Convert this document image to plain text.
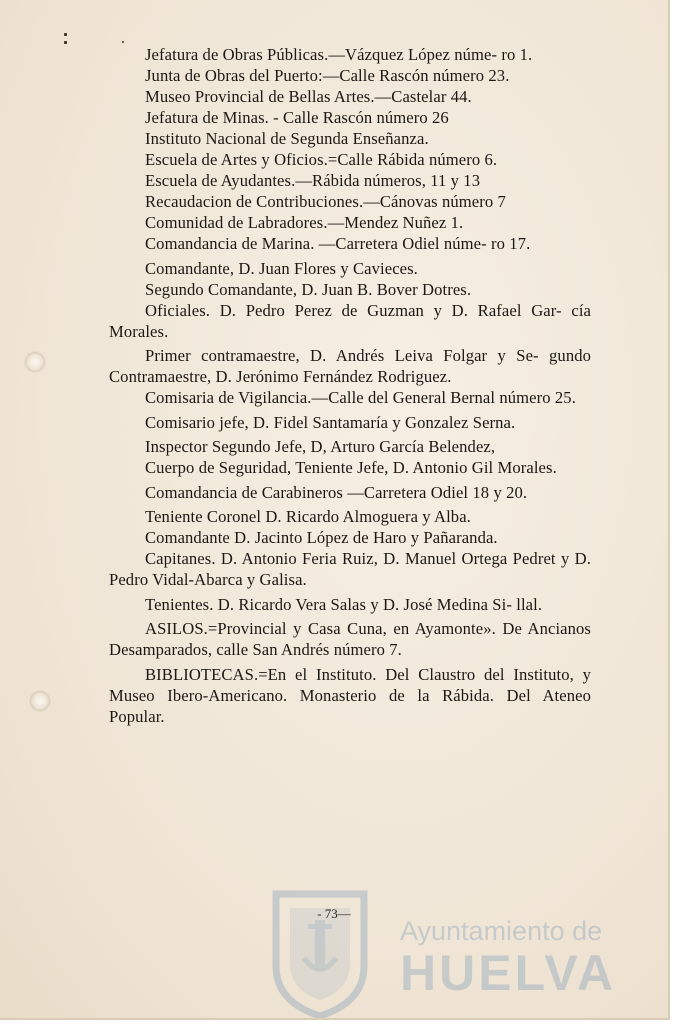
Ayuntamiento de
HUELVA

Jefatura de Obras Públicas.—Vázquez López núme- ro 1.

Junta de Obras del Puerto:—Calle Rascón número 23.

Museo Provincial de Bellas Artes.—Castelar 44.

Jefatura de Minas. - Calle Rascón número 26

Instituto Nacional de Segunda Enseñanza.

Escuela de Artes y Oficios.=Calle Rábida número 6.

Escuela de Ayudantes.—Rábida números, 11 y 13

Recaudacion de Contribuciones.—Cánovas número 7

Comunidad de Labradores.—Mendez Nuñez 1.

Comandancia de Marina. —Carretera Odiel núme- ro 17.

Comandante, D. Juan Flores y Cavieces.

Segundo Comandante, D. Juan B. Bover Dotres.

Oficiales. D. Pedro Perez de Guzman y D. Rafael Gar- cía Morales.

Primer contramaestre, D. Andrés Leiva Folgar y Se- gundo Contramaestre, D. Jerónimo Fernández Rodriguez.

Comisaria de Vigilancia.—Calle del General Bernal número 25.

Comisario jefe, D. Fidel Santamaría y Gonzalez Serna.

Inspector Segundo Jefe, D, Arturo García Belendez,

Cuerpo de Seguridad, Teniente Jefe, D. Antonio Gil Morales.

Comandancia de Carabineros —Carretera Odiel 18 y 20.

Teniente Coronel D. Ricardo Almoguera y Alba.

Comandante D. Jacinto López de Haro y Pañaranda.

Capitanes. D. Antonio Feria Ruiz, D. Manuel Ortega Pedret y D. Pedro Vidal-Abarca y Galisa.

Tenientes. D. Ricardo Vera Salas y D. José Medina Si- llal.

ASILOS.=Provincial y Casa Cuna, en Ayamonte». De Ancianos Desamparados, calle San Andrés número 7.

BIBLIOTECAS.=En el Instituto. Del Claustro del Instituto, y Museo Ibero-Americano. Monasterio de la Rábida. Del Ateneo Popular.

- 73—
